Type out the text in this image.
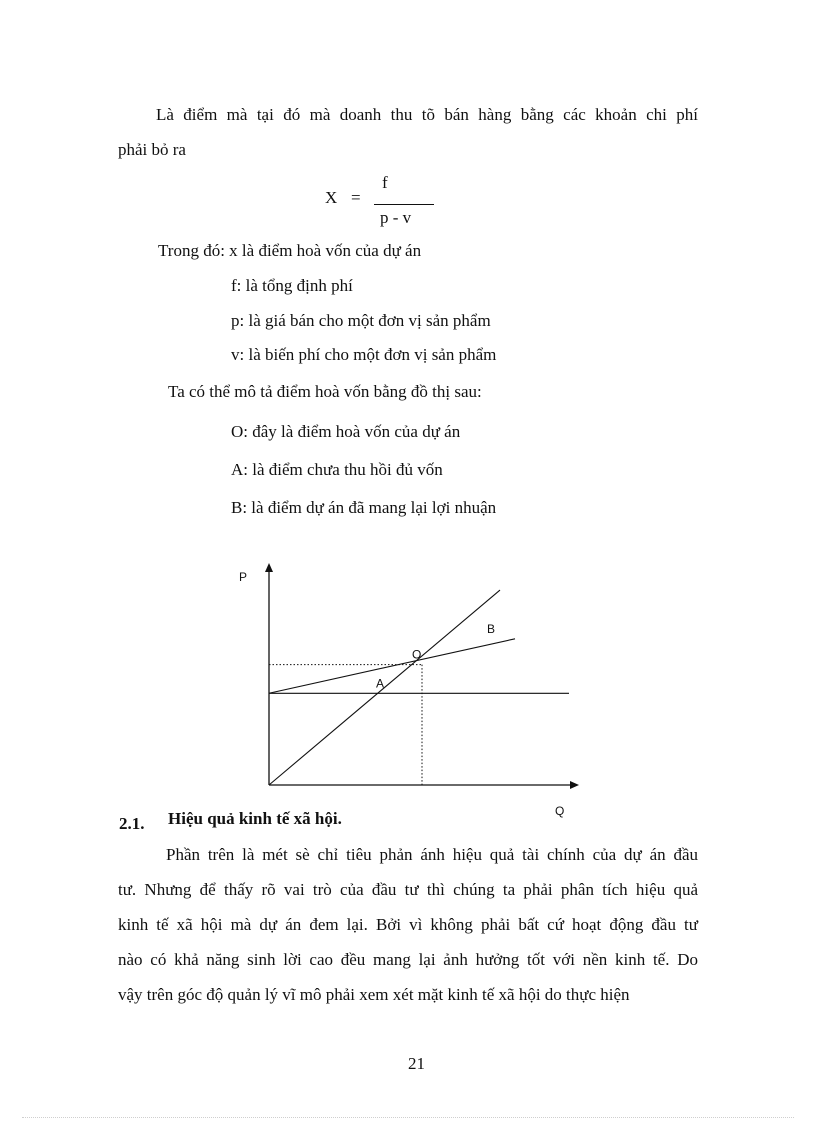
Là điểm mà tại đó mà doanh thu tõ bán hàng bằng các khoản chi phí
phải bỏ ra
X =
f
p - v
Trong đó: x là điểm hoà vốn của dự án
f: là tổng định phí
p: là giá bán cho một đơn vị sản phẩm
v: là biến phí cho một đơn vị sản phẩm
Ta có thể mô tả điểm hoà vốn bằng đồ thị sau:
O: đây là điểm hoà vốn của dự án
A: là điểm chưa thu hồi đủ vốn
B: là điểm dự án đã mang lại lợi nhuận
Q
P
O
A
B
2.1. Hiệu quả kinh tế xã hội.
Phần trên là mét sè chỉ tiêu phản ánh hiệu quả tài chính của dự án đầu
tư. Nhưng để thấy rõ vai trò của đầu tư thì chúng ta phải phân tích hiệu quả
kinh tế xã hội mà dự án đem lại. Bởi vì không phải bất cứ hoạt động đầu tư
nào có khả năng sinh lời cao đều mang lại ảnh hưởng tốt với nền kinh tế. Do
vậy trên góc độ quản lý vĩ mô phải xem xét mặt kinh tế xã hội do thực hiện
21
